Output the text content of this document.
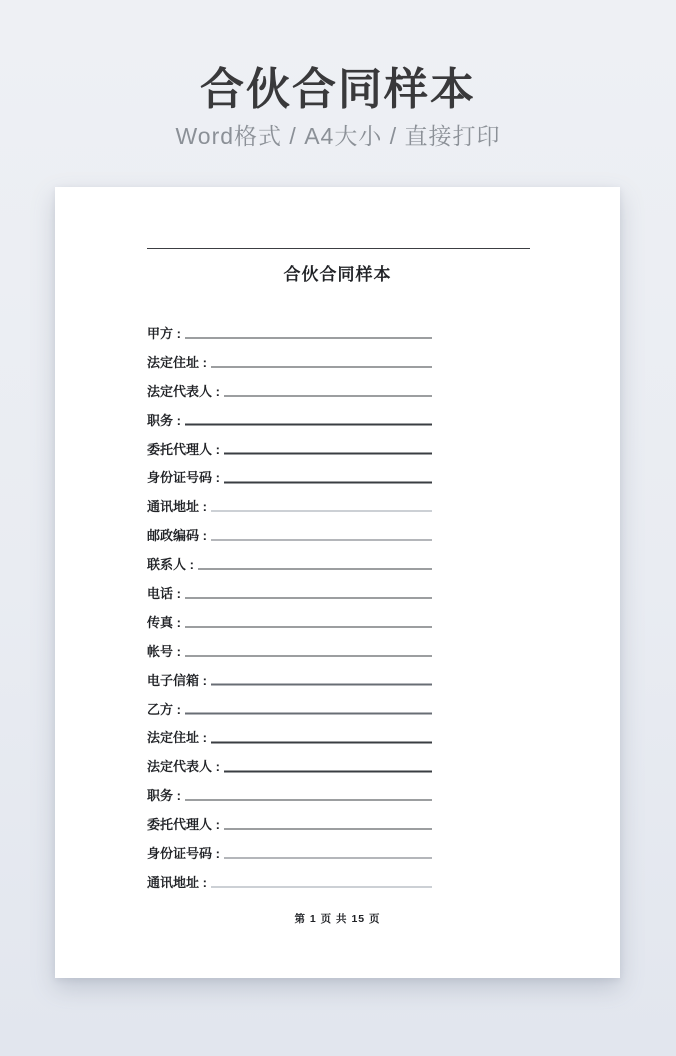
合伙合同样本
Word格式 / A4大小 / 直接打印
合伙合同样本
甲方 :
法定住址 :
法定代表人 :
职务 :
委托代理人 :
身份证号码 :
通讯地址 :
邮政编码 :
联系人 :
电话 :
传真 :
帐号 :
电子信箱 :
乙方 :
法定住址 :
法定代表人 :
职务 :
委托代理人 :
身份证号码 :
通讯地址 :
第 1 页 共 15 页
